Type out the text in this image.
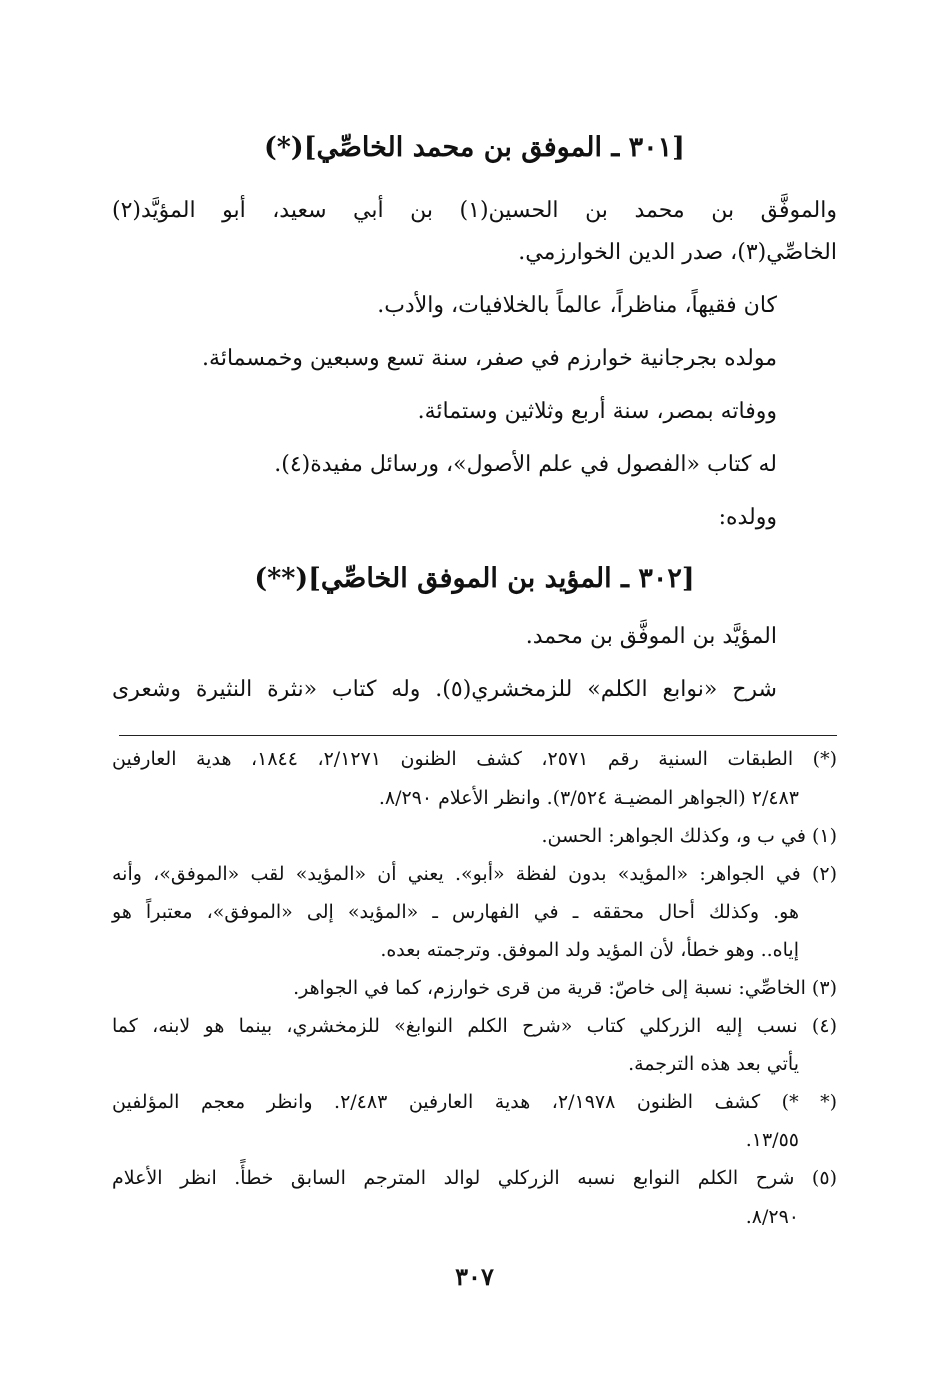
[٣٠١ ـ الموفق بن محمد الخاصِّي](*)
والموفَّق بن محمد بن الحسين(١) بن أبي سعيد، أبو المؤيَّد(٢)
الخاصِّي(٣)، صدر الدين الخوارزمي.
كان فقيهاً، مناظراً، عالماً بالخلافيات، والأدب.
مولده بجرجانية خوارزم في صفر، سنة تسع وسبعين وخمسمائة.
ووفاته بمصر، سنة أربع وثلاثين وستمائة.
له كتاب «الفصول في علم الأصول»، ورسائل مفيدة(٤).
وولده:
[٣٠٢ ـ المؤيد بن الموفق الخاصِّي](**)
المؤيَّد بن الموفَّق بن محمد.
شرح «نوابع الكلم» للزمخشري(٥). وله كتاب «نثرة النثيرة وشعرى
(*) الطبقات السنية رقم ٢٥٧١، كشف الظنون ٢/١٢٧١، ١٨٤٤، هدية العارفين
٢/٤٨٣ (الجواهر المضيـة ٣/٥٢٤). وانظر الأعلام ٨/٢٩٠.
(١) في ب و، وكذلك الجواهر: الحسن.
(٢) في الجواهر: «المؤيد» بدون لفظة «أبو». يعني أن «المؤيد» لقب «الموفق»، وأنه
هو. وكذلك أحال محققه ـ في الفهارس ـ «المؤيد» إلى «الموفق»، معتبراً هو
إياه.. وهو خطأ، لأن المؤيد ولد الموفق. وترجمته بعده.
(٣) الخاصِّي: نسبة إلى خاصّ: قرية من قرى خوارزم، كما في الجواهر.
(٤) نسب إليه الزركلي كتاب «شرح الكلم النوابغ» للزمخشري، بينما هو لابنه، كما
يأتي بعد هذه الترجمة.
(* *) كشف الظنون ٢/١٩٧٨، هدية العارفين ٢/٤٨٣. وانظر معجم المؤلفين
١٣/٥٥.
(٥) شرح الكلم النوابع نسبه الزركلي لوالد المترجم السابق خطأً. انظر الأعلام
٨/٢٩٠.
٣٠٧
